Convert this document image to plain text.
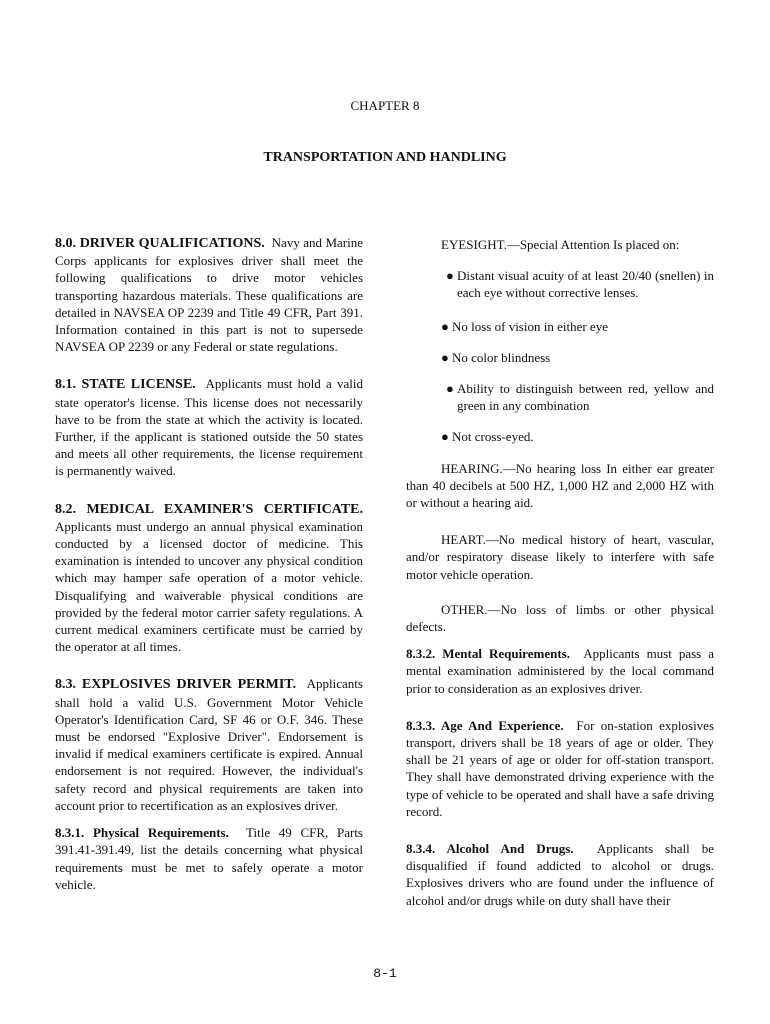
CHAPTER 8
TRANSPORTATION AND HANDLING

8.0. DRIVER QUALIFICATIONS. Navy and Marine Corps applicants for explosives driver shall meet the following qualifications to drive motor vehicles transporting hazardous materials. These qualifications are detailed in NAVSEA OP 2239 and Title 49 CFR, Part 391. Information contained in this part is not to supersede NAVSEA OP 2239 or any Federal or state regulations.

8.1. STATE LICENSE. Applicants must hold a valid state operator's license. This license does not necessarily have to be from the state at which the activity is located. Further, if the applicant is stationed outside the 50 states and meets all other requirements, the license requirement is permanently waived.

8.2. MEDICAL EXAMINER'S CERTIFICATE. Applicants must undergo an annual physical examination conducted by a licensed doctor of medicine. This examination is intended to uncover any physical condition which may hamper safe operation of a motor vehicle. Disqualifying and waiverable physical conditions are provided by the federal motor carrier safety regulations. A current medical examiners certificate must be carried by the operator at all times.

8.3. EXPLOSIVES DRIVER PERMIT. Applicants shall hold a valid U.S. Government Motor Vehicle Operator's Identification Card, SF 46 or O.F. 346. These must be endorsed "Explosive Driver". Endorsement is invalid if medical examiners certificate is expired. Annual endorsement is not required. However, the individual's safety record and physical requirements are taken into account prior to recertification as an explosives driver.

8.3.1. Physical Requirements. Title 49 CFR, Parts 391.41-391.49, list the details concerning what physical requirements must be met to safely operate a motor vehicle.

EYESIGHT.—Special Attention Is placed on:

● Distant visual acuity of at least 20/40 (snellen) in each eye without corrective lenses.
● No loss of vision in either eye
● No color blindness
● Ability to distinguish between red, yellow and green in any combination
● Not cross-eyed.

HEARING.—No hearing loss In either ear greater than 40 decibels at 500 HZ, 1,000 HZ and 2,000 HZ with or without a hearing aid.

HEART.—No medical history of heart, vascular, and/or respiratory disease likely to interfere with safe motor vehicle operation.

OTHER.—No loss of limbs or other physical defects.

8.3.2. Mental Requirements. Applicants must pass a mental examination administered by the local command prior to consideration as an explosives driver.

8.3.3. Age And Experience. For on-station explosives transport, drivers shall be 18 years of age or older. They shall be 21 years of age or older for off-station transport. They shall have demonstrated driving experience with the type of vehicle to be operated and shall have a safe driving record.

8.3.4. Alcohol And Drugs. Applicants shall be disqualified if found addicted to alcohol or drugs. Explosives drivers who are found under the influence of alcohol and/or drugs while on duty shall have their

8-1
